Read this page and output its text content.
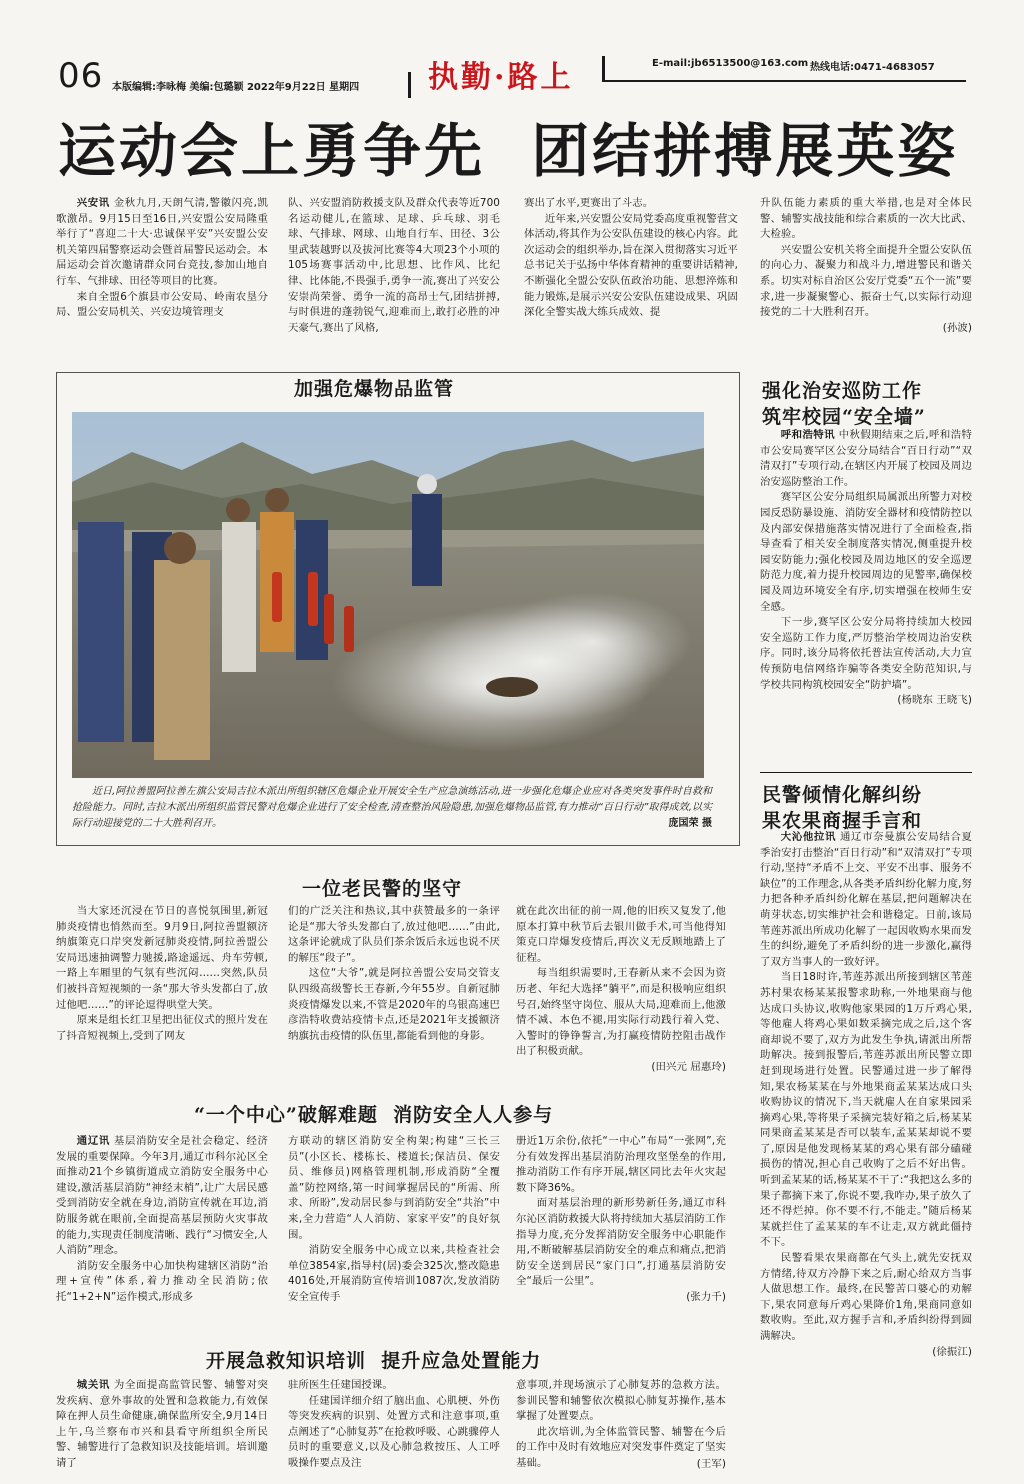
06 本版编辑:李咏梅 美编:包璐颖 2022年9月22日 星期四 执勤·路上	E-mail:jb6513500@163.com 热线电话:0471-4683057
运动会上勇争先  团结拼搏展英姿

兴安讯 金秋九月,天朗气清,警徽闪亮,凯歌激昂。9月15日至16日,兴安盟公安局隆重举行了“喜迎二十大·忠诚保平安”兴安盟公安机关第四届警察运动会暨首届警民运动会。本届运动会首次邀请群众同台竞技,参加山地自行车、气排球、田径等项目的比赛。

来自全盟6个旗县市公安局、岭南农垦分局、盟公安局机关、兴安边境管理支

队、兴安盟消防救援支队及群众代表等近700名运动健儿,在篮球、足球、乒乓球、羽毛球、气排球、网球、山地自行车、田径、3公里武装越野以及拔河比赛等4大项23个小项的105场赛事活动中,比思想、比作风、比纪律、比体能,不畏强手,勇争一流,赛出了兴安公安崇尚荣誉、勇争一流的高昂士气,团结拼搏,与时俱进的蓬勃锐气,迎难而上,敢打必胜的冲天豪气,赛出了风格,

赛出了水平,更赛出了斗志。

近年来,兴安盟公安局党委高度重视警营文体活动,将其作为公安队伍建设的核心内容。此次运动会的组织举办,旨在深入贯彻落实习近平总书记关于弘扬中华体育精神的重要讲话精神,不断强化全盟公安队伍政治功能、思想淬炼和能力锻炼,是展示兴安公安队伍建设成果、巩固深化全警实战大练兵成效、提

升队伍能力素质的重大举措,也是对全体民警、辅警实战技能和综合素质的一次大比武、大检验。

兴安盟公安机关将全面提升全盟公安队伍的向心力、凝聚力和战斗力,增进警民和谐关系。切实对标自治区公安厅党委“五个一流”要求,进一步凝聚警心、振奋士气,以实际行动迎接党的二十大胜利召开。

(孙波)
加强危爆物品监管
近日,阿拉善盟阿拉善左旗公安局吉拉木派出所组织辖区危爆企业开展安全生产应急演练活动,进一步强化危爆企业应对各类突发事件时自救和抢险能力。同时,吉拉木派出所组织监管民警对危爆企业进行了安全检查,清查整治风险隐患,加强危爆物品监管,有力推动“百日行动”取得成效,以实际行动迎接党的二十大胜利召开。	庞国荣 摄
强化治安巡防工作
筑牢校园“安全墙”

呼和浩特讯 中秋假期结束之后,呼和浩特市公安局赛罕区公安分局结合“百日行动”“双清双打”专项行动,在辖区内开展了校园及周边治安巡防整治工作。

赛罕区公安分局组织局属派出所警力对校园反恐防暴设施、消防安全器材和疫情防控以及内部安保措施落实情况进行了全面检查,指导查看了相关安全制度落实情况,侧重提升校园安防能力;强化校园及周边地区的安全巡逻防范力度,着力提升校园周边的见警率,确保校园及周边环境安全有序,切实增强在校师生安全感。

下一步,赛罕区公安分局将持续加大校园安全巡防工作力度,严厉整治学校周边治安秩序。同时,该分局将依托普法宣传活动,大力宣传预防电信网络诈骗等各类安全防范知识,与学校共同构筑校园安全“防护墙”。

(杨晓东 王晓飞)
民警倾情化解纠纷
果农果商握手言和

大沁他拉讯 通辽市奈曼旗公安局结合夏季治安打击整治“百日行动”和“双清双打”专项行动,坚持“矛盾不上交、平安不出事、服务不缺位”的工作理念,从各类矛盾纠纷化解力度,努力把各种矛盾纠纷化解在基层,把问题解决在萌芽状态,切实维护社会和谐稳定。日前,该局苇莲苏派出所成功化解了一起因收购水果而发生的纠纷,避免了矛盾纠纷的进一步激化,赢得了双方当事人的一致好评。

当日18时许,苇莲苏派出所接到辖区苇莲苏村果农杨某某报警求助称,一外地果商与他达成口头协议,收购他家果园的1万斤鸡心果,等他雇人将鸡心果如数采摘完成之后,这个客商却说不要了,双方为此发生争执,请派出所帮助解决。接到报警后,苇莲苏派出所民警立即赶到现场进行处置。民警通过进一步了解得知,果农杨某某在与外地果商孟某某达成口头收购协议的情况下,当天就雇人在自家果园采摘鸡心果,等将果子采摘完装好箱之后,杨某某同果商孟某某是否可以装车,孟某某却说不要了,原因是他发现杨某某的鸡心果有部分磕碰损伤的情况,担心自己收购了之后不好出售。听到孟某某的话,杨某某不干了:“我把这么多的果子都摘下来了,你说不要,我咋办,果子放久了还不得烂掉。你不要不行,不能走。”随后杨某某就拦住了孟某某的车不让走,双方就此僵持不下。

民警看果农果商都在气头上,就先安抚双方情绪,待双方冷静下来之后,耐心给双方当事人做思想工作。最终,在民警苦口婆心的劝解下,果农同意每斤鸡心果降价1角,果商同意如数收购。至此,双方握手言和,矛盾纠纷得到圆满解决。

(徐振江)
一位老民警的坚守

当大家还沉浸在节日的喜悦氛围里,新冠肺炎疫情也悄然而至。9月9日,阿拉善盟额济纳旗策克口岸突发新冠肺炎疫情,阿拉善盟公安局迅速抽调警力驰援,路途遥远、舟车劳顿,一路上车厢里的气氛有些沉闷……突然,队员们被抖音短视频的一条“那大爷头发都白了,放过他吧……”的评论逗得哄堂大笑。

原来是组长红卫星把出征仪式的照片发在了抖音短视频上,受到了网友

们的广泛关注和热议,其中获赞最多的一条评论是“那大爷头发都白了,放过他吧……”由此,这条评论就成了队员们茶余饭后永远也说不厌的解压“段子”。

这位“大爷”,就是阿拉善盟公安局交管支队四级高级警长王春新,今年55岁。自新冠肺炎疫情爆发以来,不管是2020年的乌银高速巴彦浩特收费站疫情卡点,还是2021年支援额济纳旗抗击疫情的队伍里,都能看到他的身影。

就在此次出征的前一周,他的旧疾又复发了,他原本打算中秋节后去银川做手术,可当他得知策克口岸爆发疫情后,再次义无反顾地踏上了征程。

每当组织需要时,王春新从来不会因为资历老、年纪大选择“躺平”,而是积极响应组织号召,始终坚守岗位、服从大局,迎难而上,他激情不减、本色不褪,用实际行动践行着入党、入警时的铮铮誓言,为打赢疫情防控阻击战作出了积极贡献。

(田兴元 屈惠玲)
“一个中心”破解难题  消防安全人人参与

通辽讯 基层消防安全是社会稳定、经济发展的重要保障。今年3月,通辽市科尔沁区全面推动21个乡镇街道成立消防安全服务中心建设,激活基层消防“神经末梢”,让广大居民感受到消防安全就在身边,消防宣传就在耳边,消防服务就在眼前,全面提高基层预防火灾事故的能力,实现责任制度清晰、践行“习惯安全,人人消防”理念。

消防安全服务中心加快构建辖区消防“治理+宣传”体系,着力推动全民消防;依托“1+2+N”运作模式,形成多

方联动的辖区消防安全构架;构建“三长三员”(小区长、楼栋长、楼道长;保洁员、保安员、维修员)网格管理机制,形成消防“全覆盖”防控网络,第一时间掌握居民的“所需、所求、所盼”,发动居民参与到消防安全“共治”中来,全力营造“人人消防、家家平安”的良好氛围。

消防安全服务中心成立以来,共检查社会单位3854家,指导村(居)委会325次,整改隐患4016处,开展消防宣传培训1087次,发放消防安全宣传手

册近1万余份,依托“一中心”布局“一张网”,充分有效发挥出基层消防治理攻坚堡垒的作用,推动消防工作有序开展,辖区同比去年火灾起数下降36%。

面对基层治理的新形势新任务,通辽市科尔沁区消防救援大队将持续加大基层消防工作指导力度,充分发挥消防安全服务中心职能作用,不断破解基层消防安全的难点和痛点,把消防安全送到居民“家门口”,打通基层消防安全“最后一公里”。

(张力千)
开展急救知识培训  提升应急处置能力

城关讯 为全面提高监管民警、辅警对突发疾病、意外事故的处置和急救能力,有效保障在押人员生命健康,确保监所安全,9月14日上午,乌兰察布市兴和县看守所组织全所民警、辅警进行了急救知识及技能培训。培训邀请了

驻所医生任建国授课。

任建国详细介绍了脑出血、心肌梗、外伤等突发疾病的识别、处置方式和注意事项,重点阐述了“心肺复苏”在抢救呼吸、心跳骤停人员时的重要意义,以及心肺急救按压、人工呼吸操作要点及注

意事项,并现场演示了心肺复苏的急救方法。参训民警和辅警依次模拟心肺复苏操作,基本掌握了处置要点。

此次培训,为全体监管民警、辅警在今后的工作中及时有效地应对突发事件奠定了坚实基础。	(王军)
